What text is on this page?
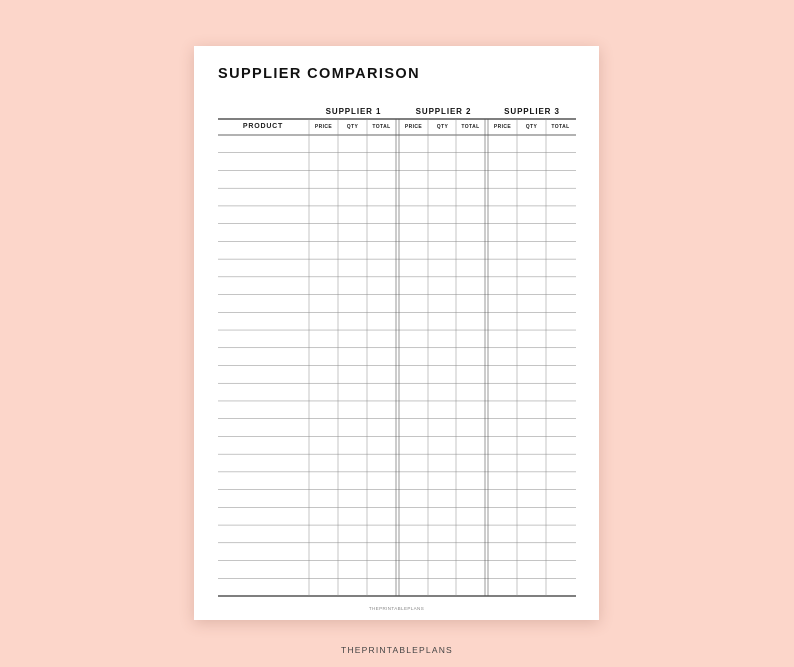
SUPPLIER COMPARISON
SUPPLIER 1	SUPPLIER 2	SUPPLIER 3
PRODUCT	PRICE	QTY	TOTAL	PRICE	QTY	TOTAL	PRICE	QTY	TOTAL
THEPRINTABLEPLANS
THEPRINTABLEPLANS
